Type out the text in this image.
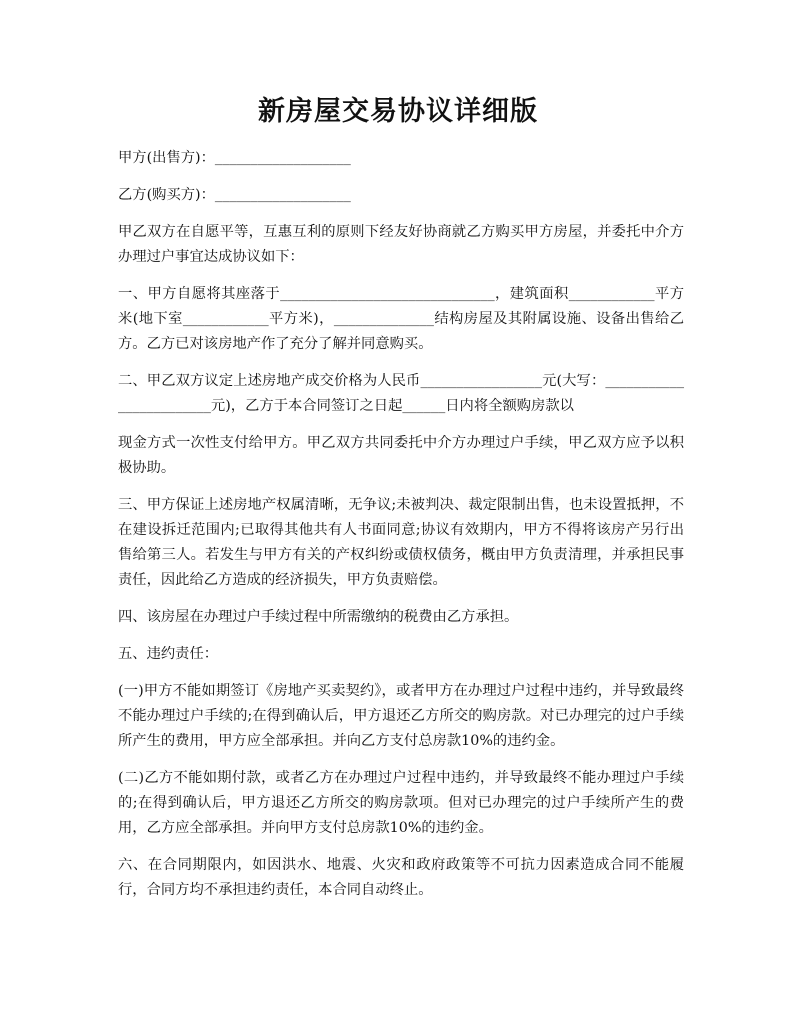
新房屋交易协议详细版

甲方(出售方)：___________________

乙方(购买方)：___________________

甲乙双方在自愿平等，互惠互利的原则下经友好协商就乙方购买甲方房屋，并委托中介方办理过户事宜达成协议如下：

一、甲方自愿将其座落于______________________________，建筑面积____________平方米(地下室____________平方米)，______________结构房屋及其附属设施、设备出售给乙方。乙方已对该房地产作了充分了解并同意购买。

二、甲乙双方议定上述房地产成交价格为人民币_________________元(大写：________________________元)，乙方于本合同签订之日起______日内将全额购房款以

现金方式一次性支付给甲方。甲乙双方共同委托中介方办理过户手续，甲乙双方应予以积极协助。

三、甲方保证上述房地产权属清晰，无争议;未被判决、裁定限制出售，也未设置抵押，不在建设拆迁范围内;已取得其他共有人书面同意;协议有效期内，甲方不得将该房产另行出售给第三人。若发生与甲方有关的产权纠纷或债权债务，概由甲方负责清理，并承担民事责任，因此给乙方造成的经济损失，甲方负责赔偿。

四、该房屋在办理过户手续过程中所需缴纳的税费由乙方承担。

五、违约责任：

(一)甲方不能如期签订《房地产买卖契约》，或者甲方在办理过户过程中违约，并导致最终不能办理过户手续的;在得到确认后，甲方退还乙方所交的购房款。对已办理完的过户手续所产生的费用，甲方应全部承担。并向乙方支付总房款10%的违约金。

(二)乙方不能如期付款，或者乙方在办理过户过程中违约，并导致最终不能办理过户手续的;在得到确认后，甲方退还乙方所交的购房款项。但对已办理完的过户手续所产生的费用，乙方应全部承担。并向甲方支付总房款10%的违约金。

六、在合同期限内，如因洪水、地震、火灾和政府政策等不可抗力因素造成合同不能履行，合同方均不承担违约责任，本合同自动终止。
